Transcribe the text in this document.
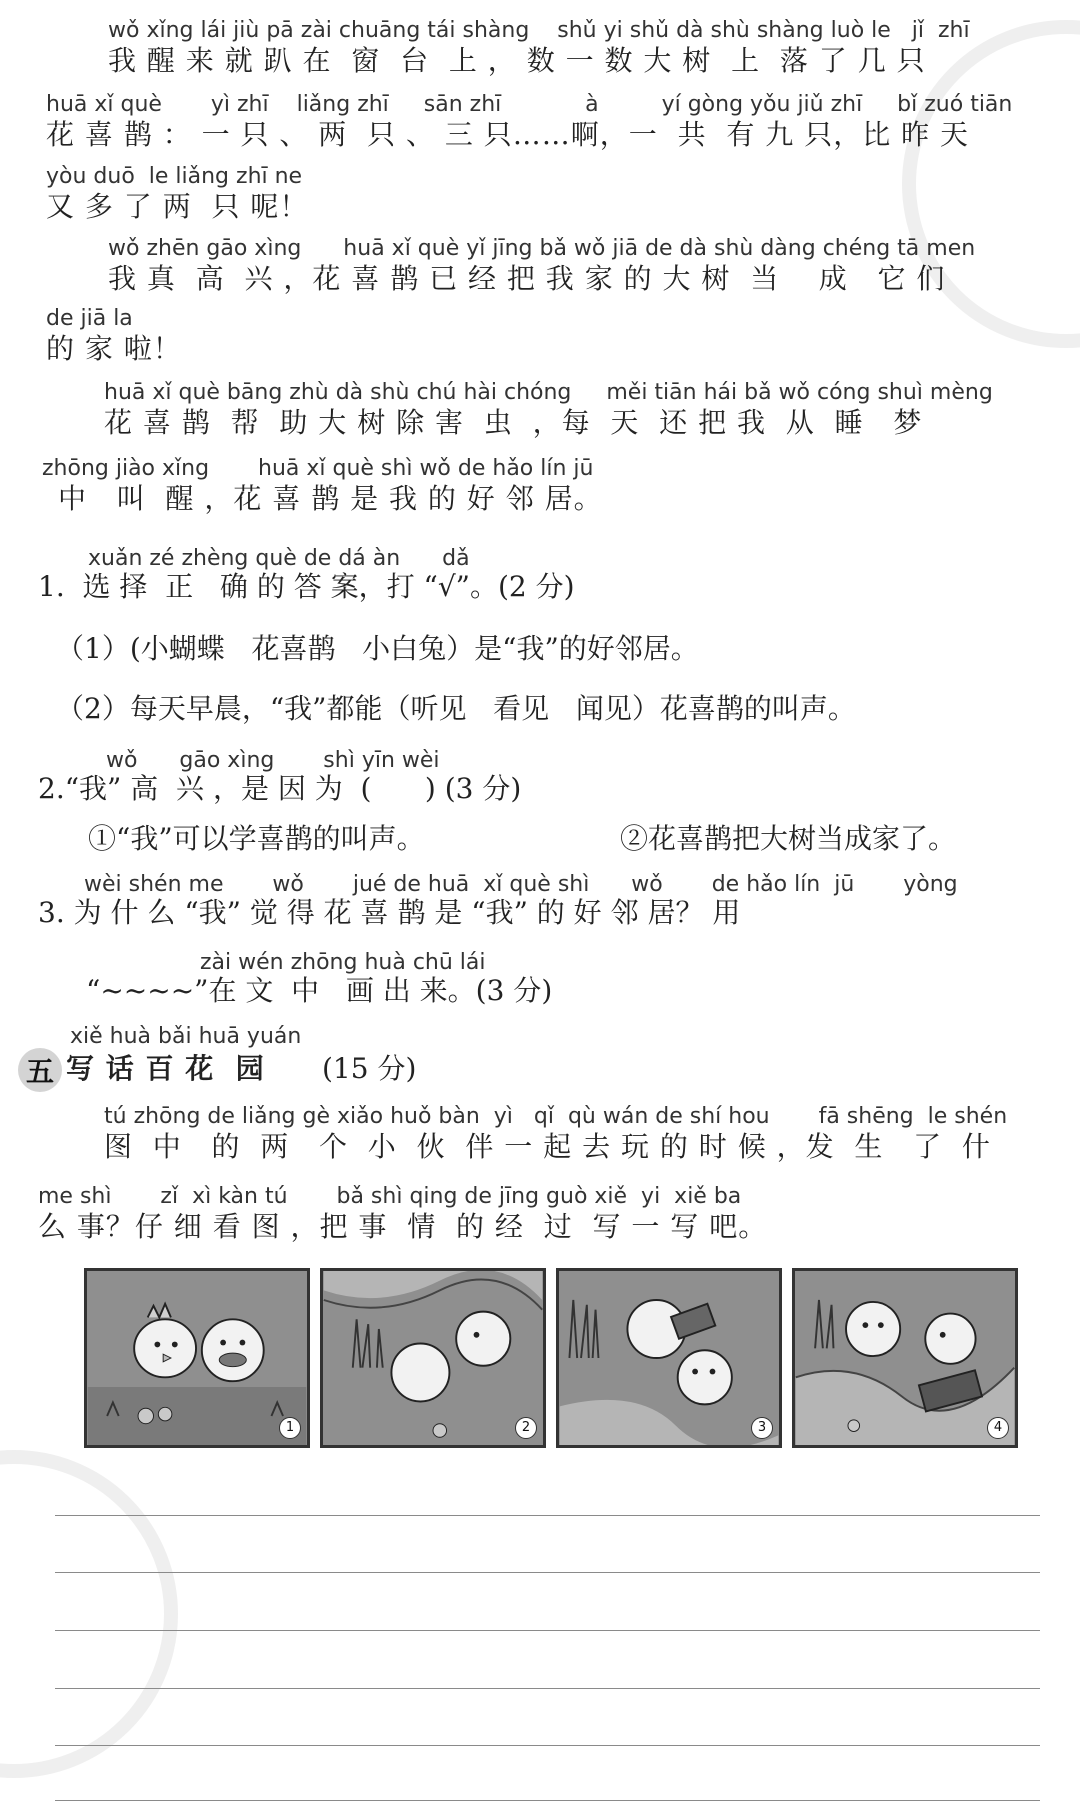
wǒ xǐng lái jiù pā zài chuāng tái shàng    shǔ yi shǔ dà shù shàng luò le   jǐ  zhī
我 醒 来 就 趴 在  窗  台  上 ， 数 一 数 大 树  上  落 了 几 只
huā xǐ què       yì zhī    liǎng zhī     sān zhī            à         yí gòng yǒu jiǔ zhī     bǐ zuó tiān
花 喜 鹊 ： 一 只 、 两  只 、 三 只……啊，一  共  有 九 只，比 昨 天
yòu duō  le liǎng zhī ne
又 多 了 两  只 呢！
wǒ zhēn gāo xìng      huā xǐ què yǐ jīng bǎ wǒ jiā de dà shù dàng chéng tā men
我 真  高  兴 ，花 喜 鹊 已 经 把 我 家 的 大 树  当    成   它 们
de jiā la
的 家 啦！
huā xǐ què bāng zhù dà shù chú hài chóng     měi tiān hái bǎ wǒ cóng shuì mèng
花 喜 鹊  帮  助 大 树 除 害  虫  ，每  天  还 把 我  从  睡   梦
zhōng jiào xǐng       huā xǐ què shì wǒ de hǎo lín jū
中   叫  醒 ，花 喜 鹊 是 我 的 好 邻 居。
xuǎn zé zhèng què de dá àn      dǎ
1.  选 择  正   确 的 答 案，打 “√”。(2 分)
（1）(小蝴蝶   花喜鹊   小白兔）是“我”的好邻居。
（2）每天早晨，“我”都能（听见   看见   闻见）花喜鹊的叫声。
wǒ      gāo xìng       shì yīn wèi
2.“我” 高  兴 ，是 因 为  (      ) (3 分)
①“我”可以学喜鹊的叫声。	②花喜鹊把大树当成家了。
wèi shén me       wǒ       jué de huā  xǐ què shì      wǒ       de hǎo lín  jū       yòng
3. 为 什 么 “我” 觉 得 花 喜 鹊 是 “我” 的 好 邻 居？ 用
zài wén zhōng huà chū lái
“~~~~”在 文  中   画 出 来。(3 分)
xiě huà bǎi huā yuán
五 写 话 百 花  园 (15 分)
tú zhōng de liǎng gè xiǎo huǒ bàn  yì   qǐ  qù wán de shí hou       fā shēng  le shén
图  中   的  两   个  小  伙  伴 一 起 去 玩 的 时 候 ，发  生   了  什
me shì       zǐ  xì kàn tú       bǎ shì qing de jīng guò xiě  yi  xiě ba
么 事？仔 细 看 图 ，把 事  情  的 经  过  写 一 写 吧。
1	2	3	4
